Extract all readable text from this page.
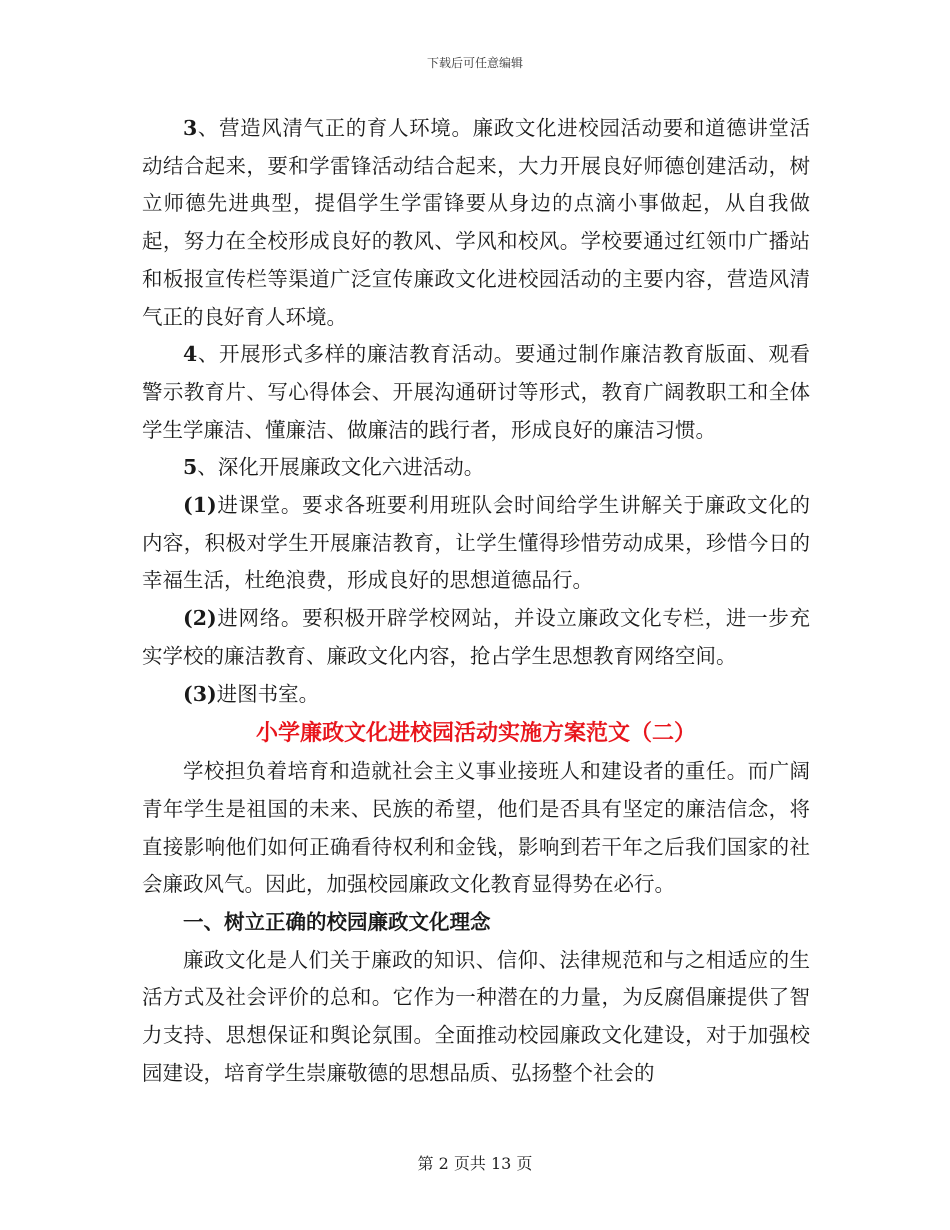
下载后可任意编辑

3、营造风清气正的育人环境。廉政文化进校园活动要和道德讲堂活动结合起来，要和学雷锋活动结合起来，大力开展良好师德创建活动，树立师德先进典型，提倡学生学雷锋要从身边的点滴小事做起，从自我做起，努力在全校形成良好的教风、学风和校风。学校要通过红领巾广播站和板报宣传栏等渠道广泛宣传廉政文化进校园活动的主要内容，营造风清气正的良好育人环境。

4、开展形式多样的廉洁教育活动。要通过制作廉洁教育版面、观看警示教育片、写心得体会、开展沟通研讨等形式，教育广阔教职工和全体学生学廉洁、懂廉洁、做廉洁的践行者，形成良好的廉洁习惯。

5、深化开展廉政文化六进活动。

(1)进课堂。要求各班要利用班队会时间给学生讲解关于廉政文化的内容，积极对学生开展廉洁教育，让学生懂得珍惜劳动成果，珍惜今日的幸福生活，杜绝浪费，形成良好的思想道德品行。

(2)进网络。要积极开辟学校网站，并设立廉政文化专栏，进一步充实学校的廉洁教育、廉政文化内容，抢占学生思想教育网络空间。

(3)进图书室。

小学廉政文化进校园活动实施方案范文（二）

学校担负着培育和造就社会主义事业接班人和建设者的重任。而广阔青年学生是祖国的未来、民族的希望，他们是否具有坚定的廉洁信念，将直接影响他们如何正确看待权利和金钱，影响到若干年之后我们国家的社会廉政风气。因此，加强校园廉政文化教育显得势在必行。

一、树立正确的校园廉政文化理念

廉政文化是人们关于廉政的知识、信仰、法律规范和与之相适应的生活方式及社会评价的总和。它作为一种潜在的力量，为反腐倡廉提供了智力支持、思想保证和舆论氛围。全面推动校园廉政文化建设，对于加强校园建设，培育学生崇廉敬德的思想品质、弘扬整个社会的

第 2 页共 13 页
